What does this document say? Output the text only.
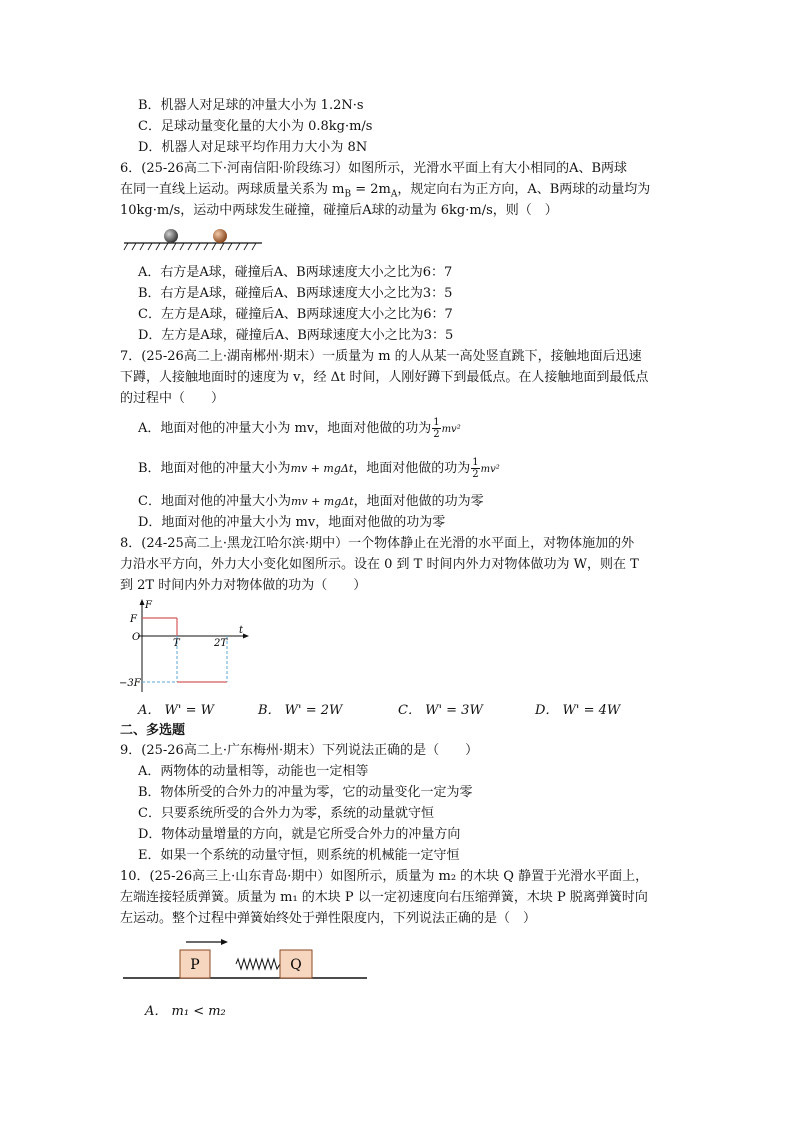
B．机器人对足球的冲量大小为 1.2N·s
C．足球动量变化量的大小为 0.8kg·m/s
D．机器人对足球平均作用力大小为 8N
6．(25-26高二下·河南信阳·阶段练习）如图所示，光滑水平面上有大小相同的A、B两球
在同一直线上运动。两球质量关系为 $m_B = 2m_A$，规定向右为正方向，A、B两球的动量均为
10kg·m/s，运动中两球发生碰撞，碰撞后A球的动量为 6kg·m/s，则（　）
A．右方是A球，碰撞后A、B两球速度大小之比为6：7
B．右方是A球，碰撞后A、B两球速度大小之比为3：5
C．左方是A球，碰撞后A、B两球速度大小之比为6：7
D．左方是A球，碰撞后A、B两球速度大小之比为3：5
7．(25-26高二上·湖南郴州·期末）一质量为 m 的人从某一高处竖直跳下，接触地面后迅速
下蹲，人接触地面时的速度为 v，经 Δt 时间，人刚好蹲下到最低点。在人接触地面到最低点
的过程中（　　）
A．地面对他的冲量大小为 mv，地面对他做的功为 $\frac{1}{2} mv^2$
B．地面对他的冲量大小为mv + mgΔt，地面对他做的功为 $\frac{1}{2} mv^2$
C．地面对他的冲量大小为mv + mgΔt，地面对他做的功为零
D．地面对他的冲量大小为 mv，地面对他做的功为零
8．(24-25高二上·黑龙江哈尔滨·期中）一个物体静止在光滑的水平面上，对物体施加的外
力沿水平方向，外力大小变化如图所示。设在 0 到 T 时间内外力对物体做功为 W，则在 T
到 2T 时间内外力对物体做的功为（　　）
F
t
F
O
T	2T
−3F
A． W' = W	B． W' = 2W	C． W' = 3W	D． W' = 4W
二、多选题
9．(25-26高二上·广东梅州·期末）下列说法正确的是（　　）
A．两物体的动量相等，动能也一定相等
B．物体所受的合外力的冲量为零，它的动量变化一定为零
C．只要系统所受的合外力为零，系统的动量就守恒
D．物体动量增量的方向，就是它所受合外力的冲量方向
E．如果一个系统的动量守恒，则系统的机械能一定守恒
10．(25-26高三上·山东青岛·期中）如图所示，质量为 m₂ 的木块 Q 静置于光滑水平面上，
左端连接轻质弹簧。质量为 m₁ 的木块 P 以一定初速度向右压缩弹簧，木块 P 脱离弹簧时向
左运动。整个过程中弹簧始终处于弹性限度内，下列说法正确的是（　）
P	Q
A． m₁ < m₂
